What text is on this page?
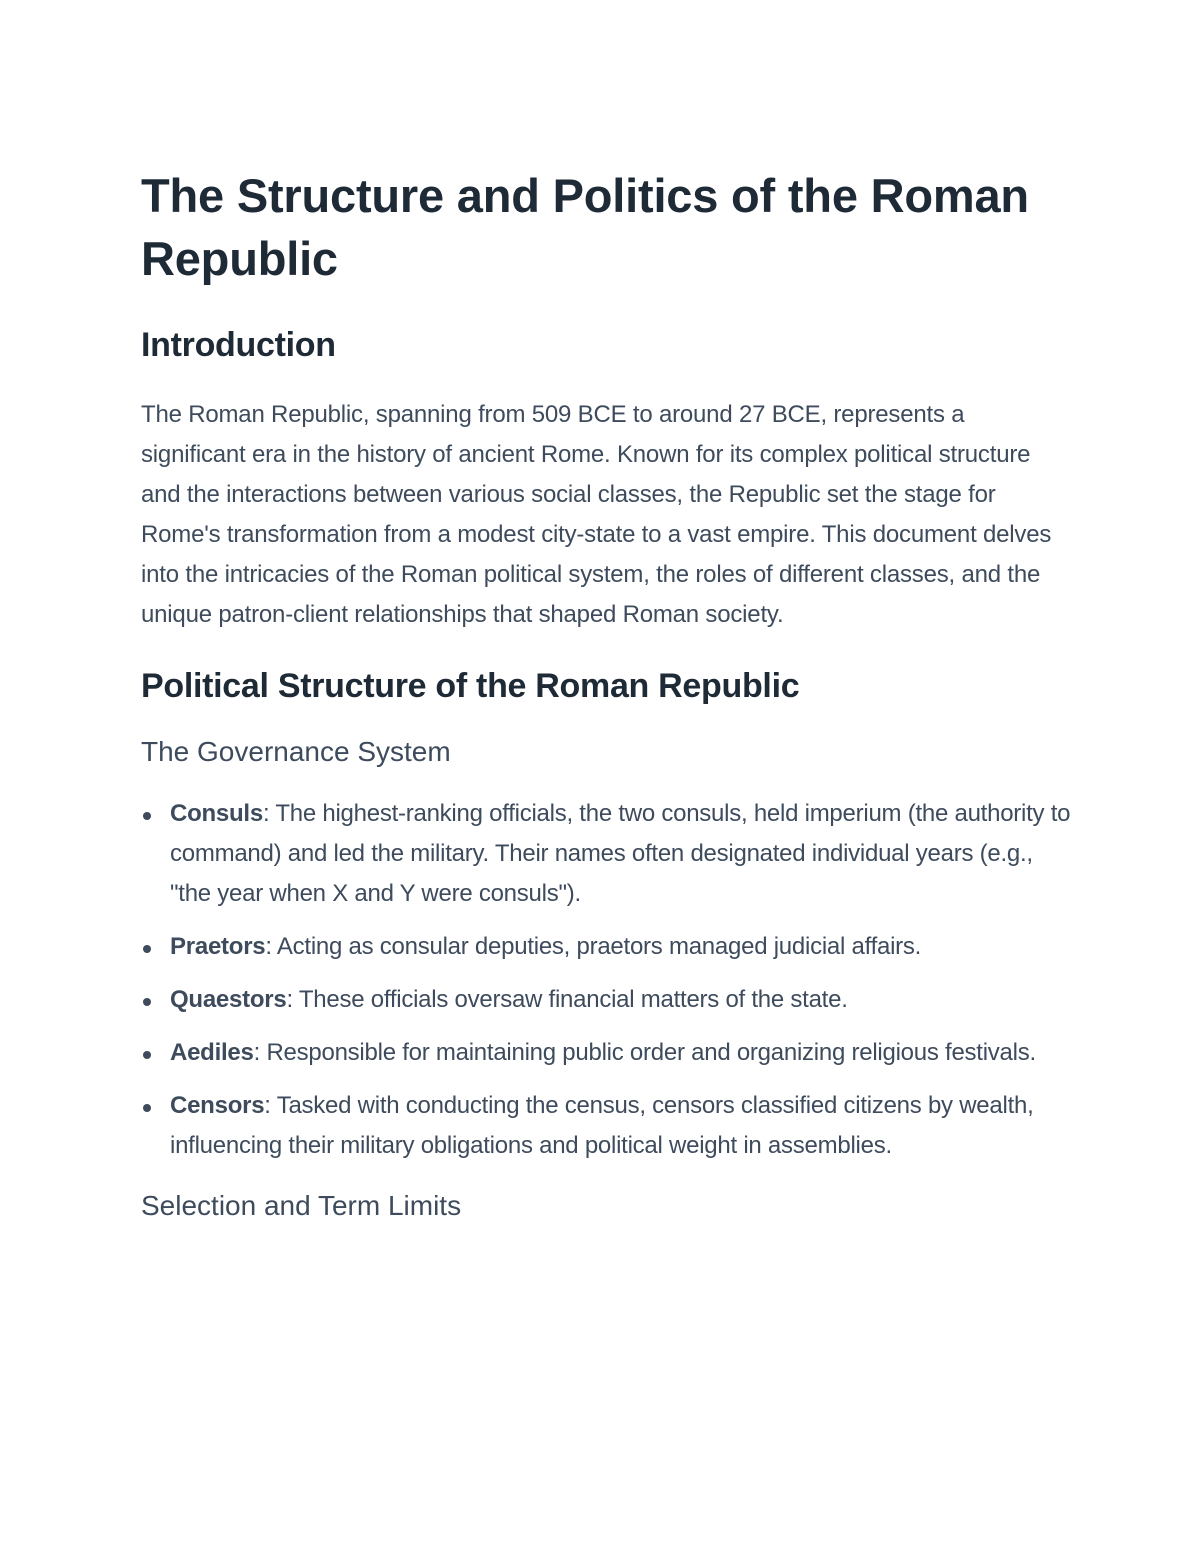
The Structure and Politics of the Roman Republic
Introduction

The Roman Republic, spanning from 509 BCE to around 27 BCE, represents a significant era in the history of ancient Rome. Known for its complex political structure and the interactions between various social classes, the Republic set the stage for Rome's transformation from a modest city-state to a vast empire. This document delves into the intricacies of the Roman political system, the roles of different classes, and the unique patron-client relationships that shaped Roman society.

Political Structure of the Roman Republic
The Governance System
Consuls: The highest-ranking officials, the two consuls, held imperium (the authority to command) and led the military. Their names often designated individual years (e.g., "the year when X and Y were consuls").
Praetors: Acting as consular deputies, praetors managed judicial affairs.
Quaestors: These officials oversaw financial matters of the state.
Aediles: Responsible for maintaining public order and organizing religious festivals.
Censors: Tasked with conducting the census, censors classified citizens by wealth, influencing their military obligations and political weight in assemblies.
Selection and Term Limits
